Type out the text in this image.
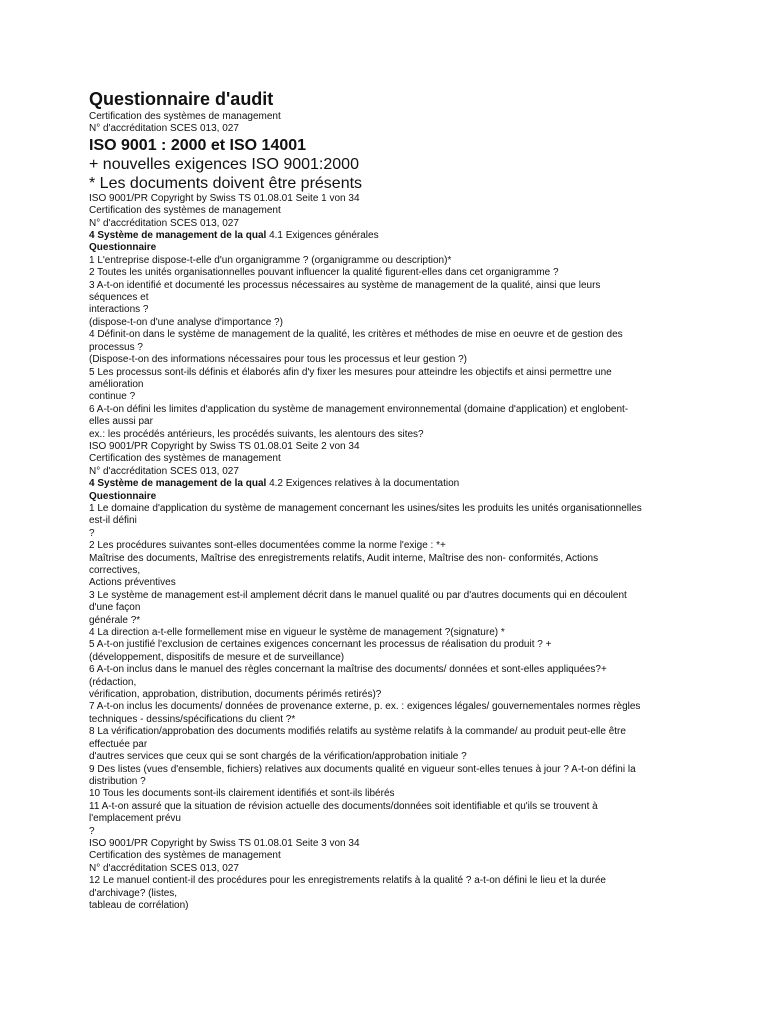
Questionnaire d'audit
Certification des systèmes de management
N° d'accréditation SCES 013, 027
ISO 9001 : 2000 et ISO 14001
+ nouvelles exigences ISO 9001:2000
* Les documents doivent être présents
ISO 9001/PR Copyright by Swiss TS 01.08.01 Seite 1 von 34
Certification des systèmes de management
N° d'accréditation SCES 013, 027
4 Système de management de la qual 4.1 Exigences générales
Questionnaire
1 L'entreprise dispose-t-elle d'un organigramme ? (organigramme ou description)*
2 Toutes les unités organisationnelles pouvant influencer la qualité figurent-elles dans cet organigramme ?
3 A-t-on identifié et documenté les processus nécessaires au système de management de la qualité, ainsi que leurs
séquences et
interactions ?
(dispose-t-on d'une analyse d'importance ?)
4 Définit-on dans le système de management de la qualité, les critères et méthodes de mise en oeuvre et de gestion des
processus ?
(Dispose-t-on des informations nécessaires pour tous les processus et leur gestion ?)
5 Les processus sont-ils définis et élaborés afin d'y fixer les mesures pour atteindre les objectifs et ainsi permettre une
amélioration
continue ?
6 A-t-on défini les limites d'application du système de management environnemental (domaine d'application) et englobent-
elles aussi par
ex.: les procédés antérieurs, les procédés suivants, les alentours des sites?
ISO 9001/PR Copyright by Swiss TS 01.08.01 Seite 2 von 34
Certification des systèmes de management
N° d'accréditation SCES 013, 027
4 Système de management de la qual 4.2 Exigences relatives à la documentation
Questionnaire
1 Le domaine d'application du système de management concernant les usines/sites les produits les unités organisationnelles
est-il défini
?
2 Les procédures suivantes sont-elles documentées comme la norme l'exige : *+
Maîtrise des documents, Maîtrise des enregistrements relatifs, Audit interne, Maîtrise des non- conformités, Actions
correctives,
Actions préventives
3 Le système de management est-il amplement décrit dans le manuel qualité ou par d'autres documents qui en découlent
d'une façon
générale ?*
4 La direction a-t-elle formellement mise en vigueur le système de management ?(signature) *
5 A-t-on justifié l'exclusion de certaines exigences concernant les processus de réalisation du produit ? +
(développement, dispositifs de mesure et de surveillance)
6 A-t-on inclus dans le manuel des règles concernant la maîtrise des documents/ données et sont-elles appliquées?+
(rédaction,
vérification, approbation, distribution, documents périmés retirés)?
7 A-t-on inclus les documents/ données de provenance externe, p. ex. : exigences légales/ gouvernementales normes règles
techniques - dessins/spécifications du client ?*
8 La vérification/approbation des documents modifiés relatifs au système relatifs à la commande/ au produit peut-elle être
effectuée par
d'autres services que ceux qui se sont chargés de la vérification/approbation initiale ?
9 Des listes (vues d'ensemble, fichiers) relatives aux documents qualité en vigueur sont-elles tenues à jour ? A-t-on défini la
distribution ?
10 Tous les documents sont-ils clairement identifiés et sont-ils libérés
11 A-t-on assuré que la situation de révision actuelle des documents/données soit identifiable et qu'ils se trouvent à
l'emplacement prévu
?
ISO 9001/PR Copyright by Swiss TS 01.08.01 Seite 3 von 34
Certification des systèmes de management
N° d'accréditation SCES 013, 027
12 Le manuel contient-il des procédures pour les enregistrements relatifs à la qualité ? a-t-on défini le lieu et la durée
d'archivage? (listes,
tableau de corrélation)
